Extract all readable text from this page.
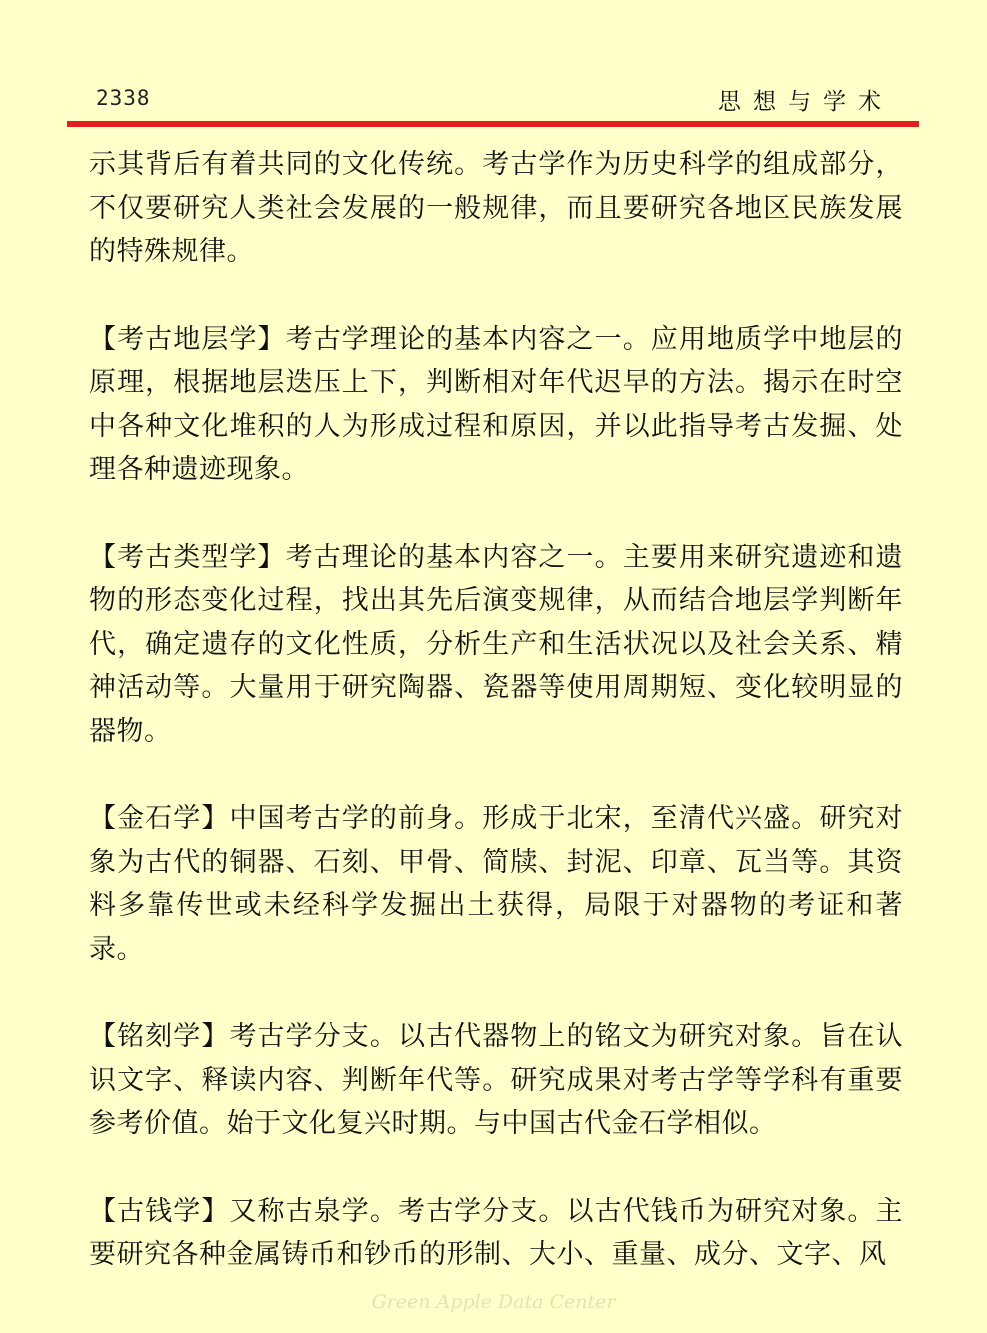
2338	思想与学术

示其背后有着共同的文化传统。考古学作为历史科学的组成部分，不仅要研究人类社会发展的一般规律，而且要研究各地区民族发展的特殊规律。

【考古地层学】考古学理论的基本内容之一。应用地质学中地层的原理，根据地层迭压上下，判断相对年代迟早的方法。揭示在时空中各种文化堆积的人为形成过程和原因，并以此指导考古发掘、处理各种遗迹现象。

【考古类型学】考古理论的基本内容之一。主要用来研究遗迹和遗物的形态变化过程，找出其先后演变规律，从而结合地层学判断年代，确定遗存的文化性质，分析生产和生活状况以及社会关系、精神活动等。大量用于研究陶器、瓷器等使用周期短、变化较明显的器物。

【金石学】中国考古学的前身。形成于北宋，至清代兴盛。研究对象为古代的铜器、石刻、甲骨、简牍、封泥、印章、瓦当等。其资料多靠传世或未经科学发掘出土获得，局限于对器物的考证和著录。

【铭刻学】考古学分支。以古代器物上的铭文为研究对象。旨在认识文字、释读内容、判断年代等。研究成果对考古学等学科有重要参考价值。始于文化复兴时期。与中国古代金石学相似。

【古钱学】又称古泉学。考古学分支。以古代钱币为研究对象。主要研究各种金属铸币和钞币的形制、大小、重量、成分、文字、风

Green Apple Data Center
